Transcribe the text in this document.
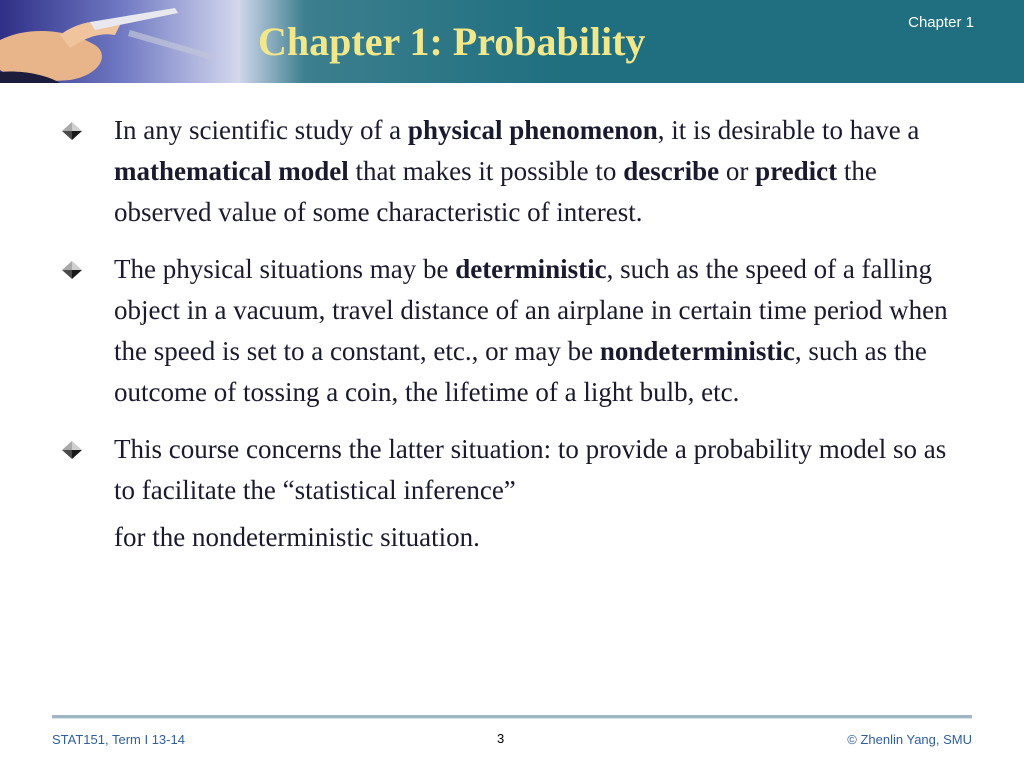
Chapter 1: Probability	Chapter 1
In any scientific study of a physical phenomenon, it is desirable to have a mathematical model that makes it possible to describe or predict the observed value of some characteristic of interest.
The physical situations may be deterministic, such as the speed of a falling object in a vacuum, travel distance of an airplane in certain time period when the speed is set to a constant, etc., or may be nondeterministic, such as the outcome of tossing a coin, the lifetime of a light bulb, etc.
This course concerns the latter situation: to provide a probability model so as to facilitate the “statistical inference”
for the nondeterministic situation.
STAT151, Term I 13-14	3	© Zhenlin Yang, SMU
